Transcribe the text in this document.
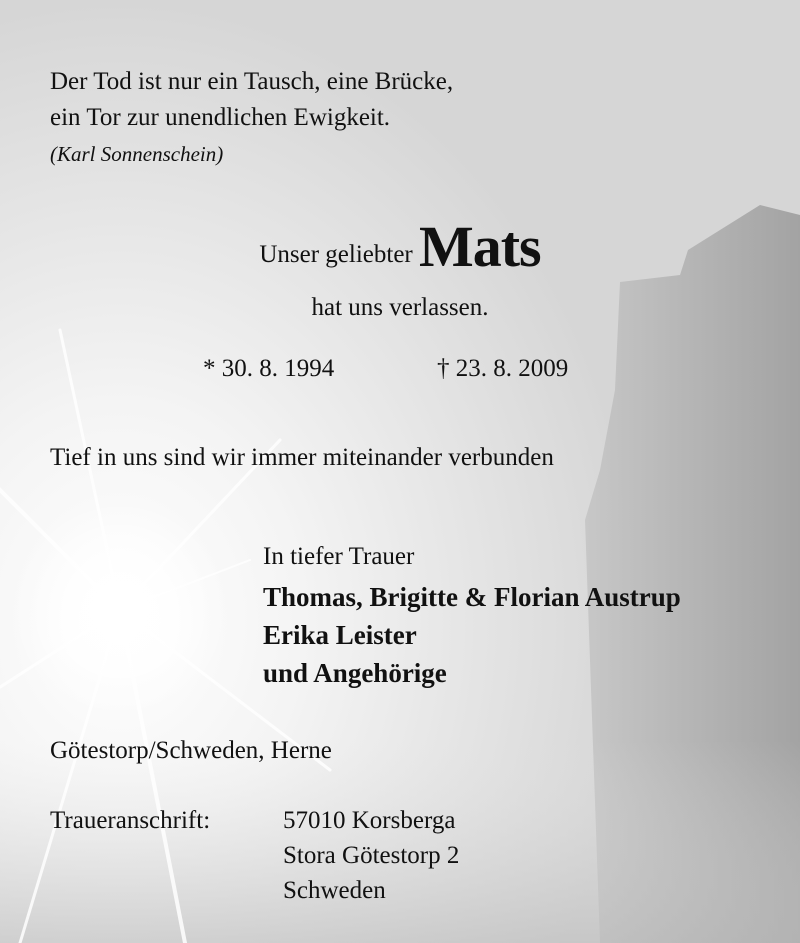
Der Tod ist nur ein Tausch, eine Brücke,
ein Tor zur unendlichen Ewigkeit.
(Karl Sonnenschein)
Unser geliebter Mats
hat uns verlassen.
* 30. 8. 1994	† 23. 8. 2009
Tief in uns sind wir immer miteinander verbunden
In tiefer Trauer
Thomas, Brigitte & Florian Austrup
Erika Leister
und Angehörige
Götestorp/Schweden, Herne
Traueranschrift:	57010 Korsberga
Stora Götestorp 2
Schweden
